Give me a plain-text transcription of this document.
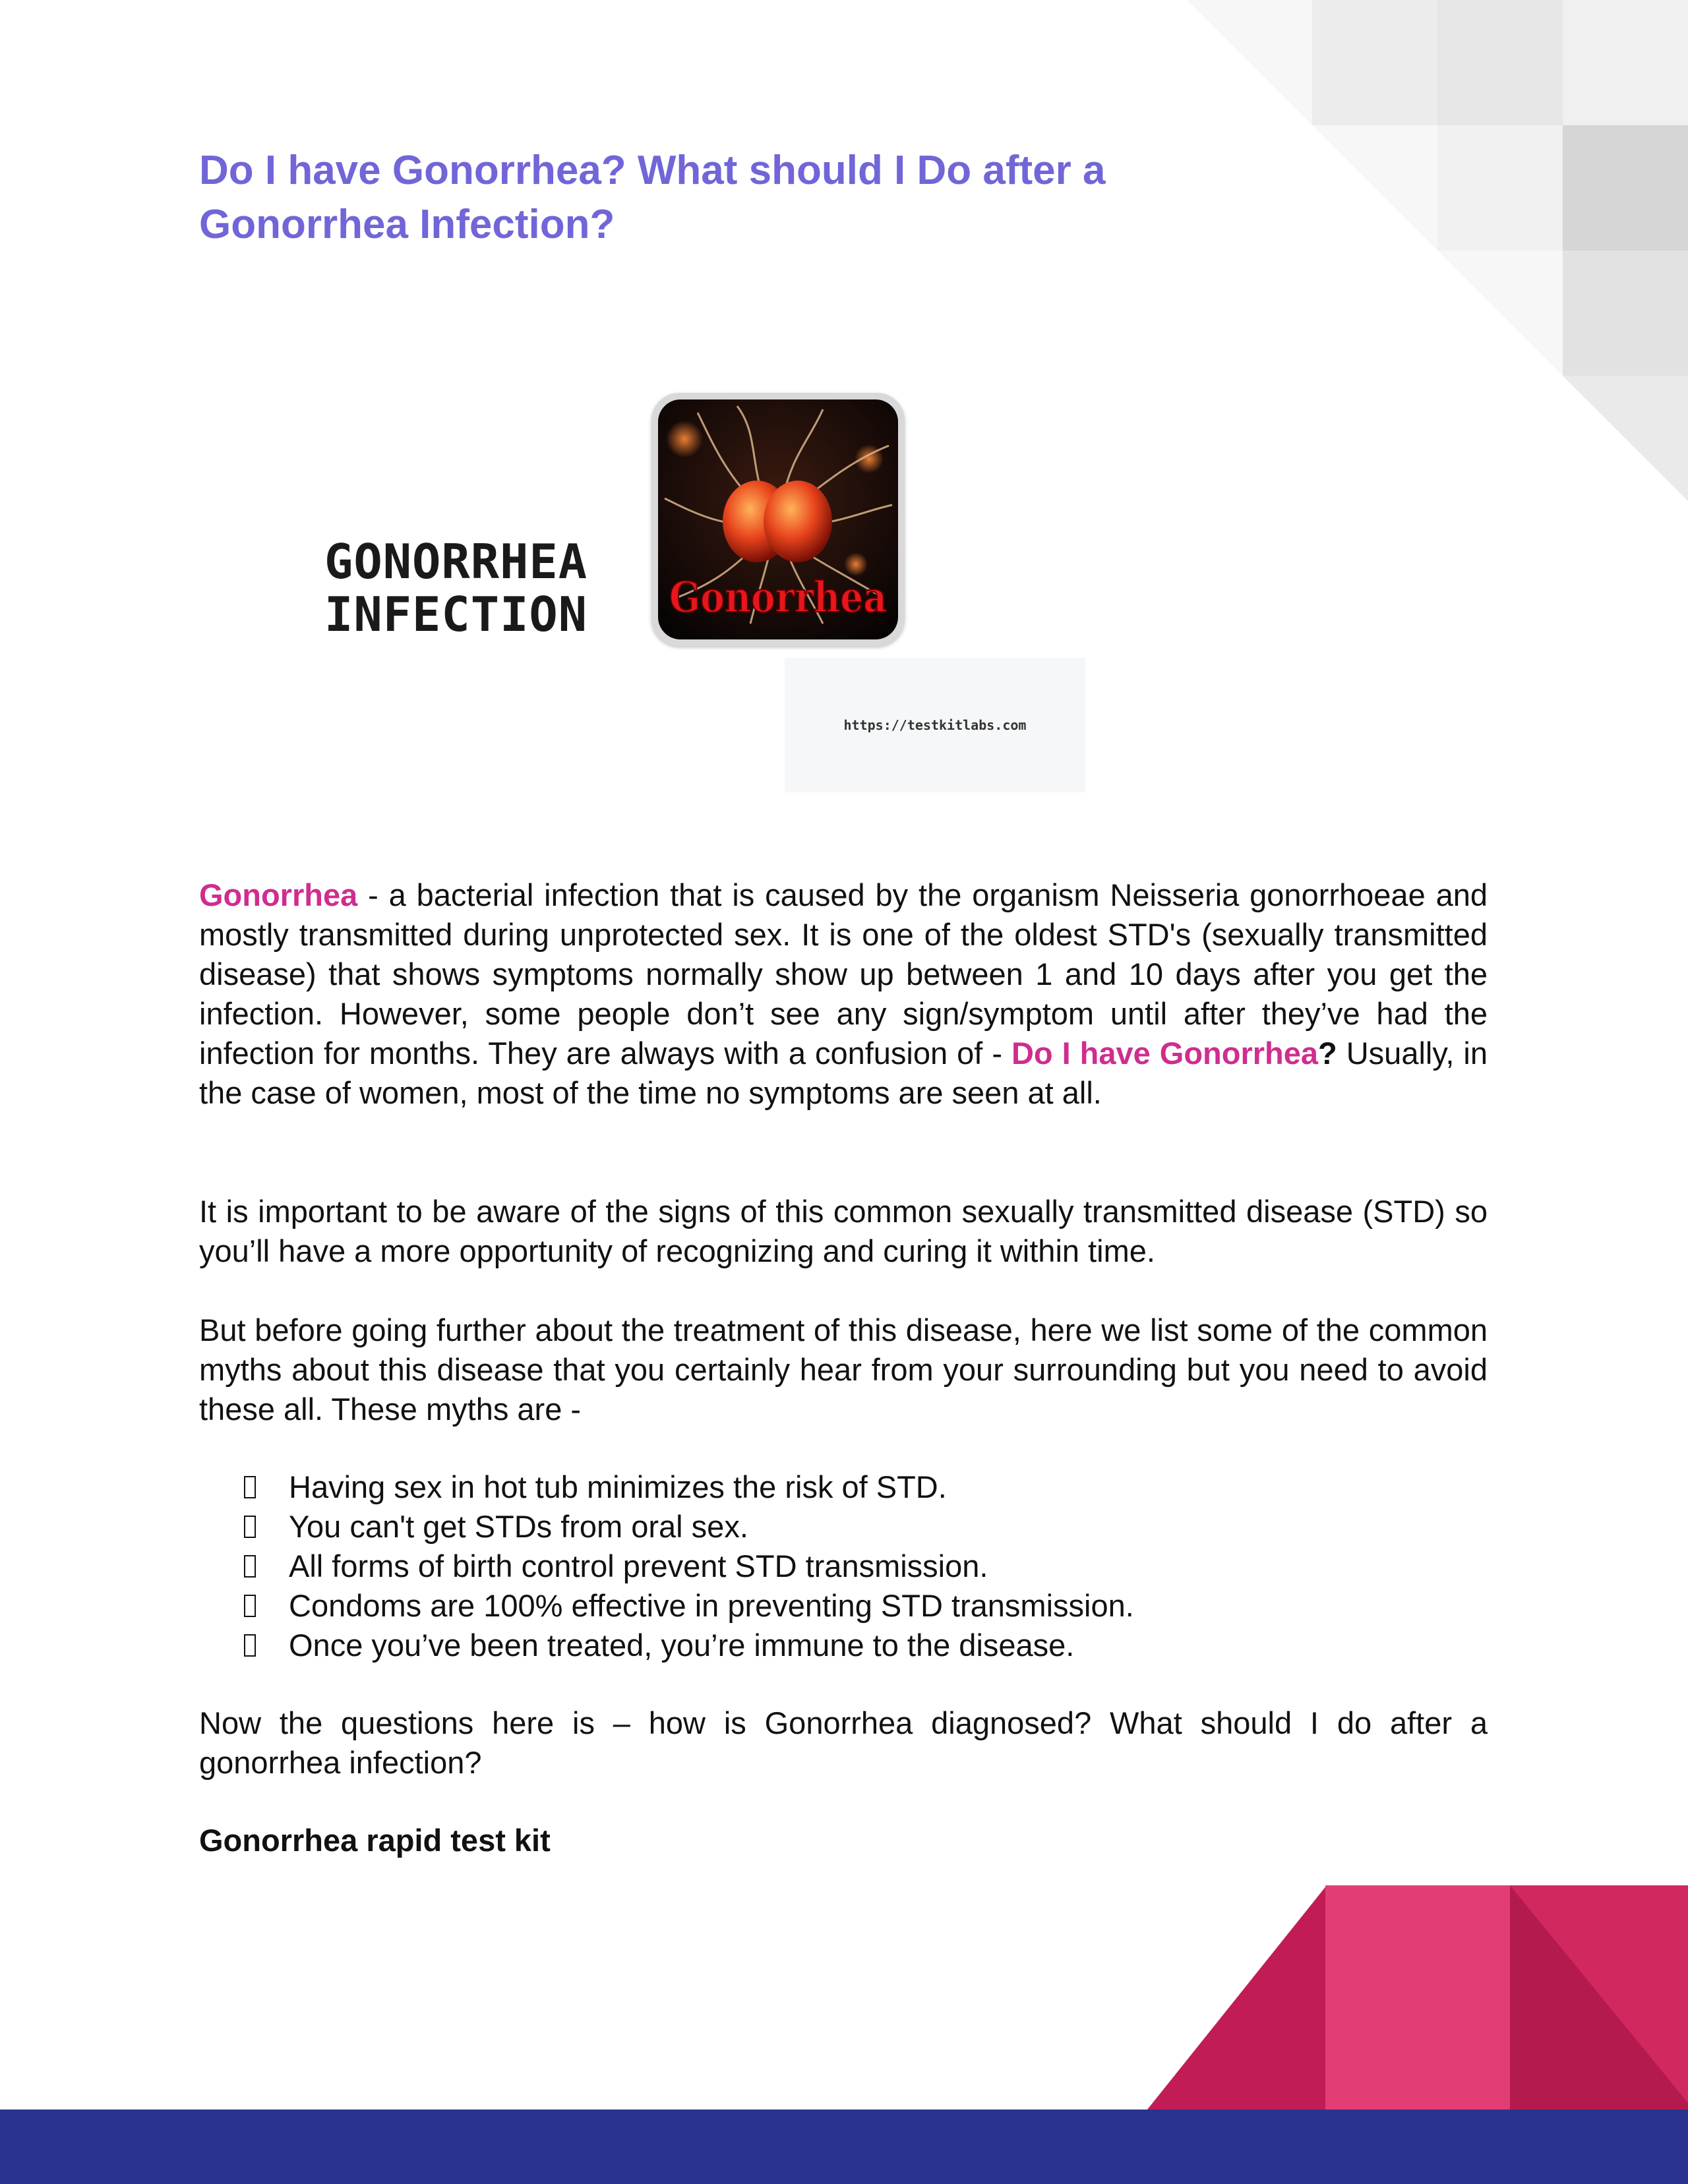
Do I have Gonorrhea? What should I Do after a Gonorrhea Infection?
GONORRHEA
INFECTION Gonorrhea
https://testkitlabs.com

Gonorrhea - a bacterial infection that is caused by the organism Neisseria gonorrhoeae and mostly transmitted during unprotected sex. It is one of the oldest STD's (sexually transmitted disease) that shows symptoms normally show up between 1 and 10 days after you get the infection. However, some people don’t see any sign/symptom until after they’ve had the infection for months. They are always with a confusion of - Do I have Gonorrhea? Usually, in the case of women, most of the time no symptoms are seen at all.

It is important to be aware of the signs of this common sexually transmitted disease (STD) so you’ll have a more opportunity of recognizing and curing it within time.

But before going further about the treatment of this disease, here we list some of the common myths about this disease that you certainly hear from your surrounding but you need to avoid these all. These myths are -

Having sex in hot tub minimizes the risk of STD.
You can't get STDs from oral sex.
All forms of birth control prevent STD transmission.
Condoms are 100% effective in preventing STD transmission.
Once you’ve been treated, you’re immune to the disease.

Now the questions here is – how is Gonorrhea diagnosed? What should I do after a gonorrhea infection?

Gonorrhea rapid test kit
